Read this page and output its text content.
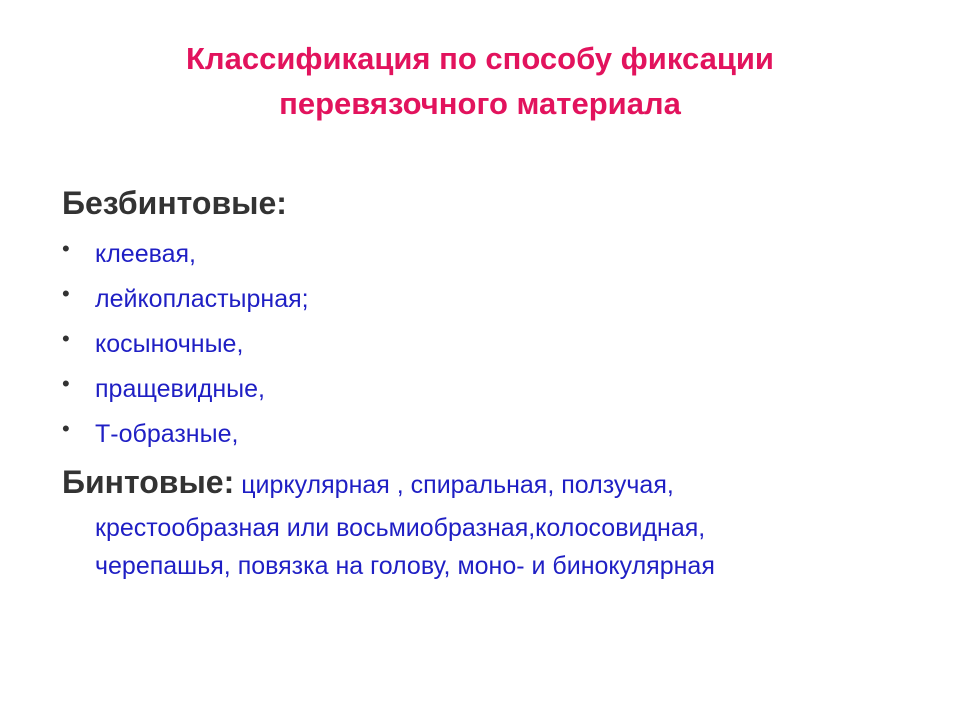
Классификация по способу фиксации
перевязочного материала
Безбинтовые:
• клеевая,
• лейкопластырная;
• косыночные,
• пращевидные,
• Т-образные,
Бинтовые: циркулярная , спиральная, ползучая,
крестообразная или восьмиобразная,колосовидная,
черепашья, повязка на голову, моно- и бинокулярная
